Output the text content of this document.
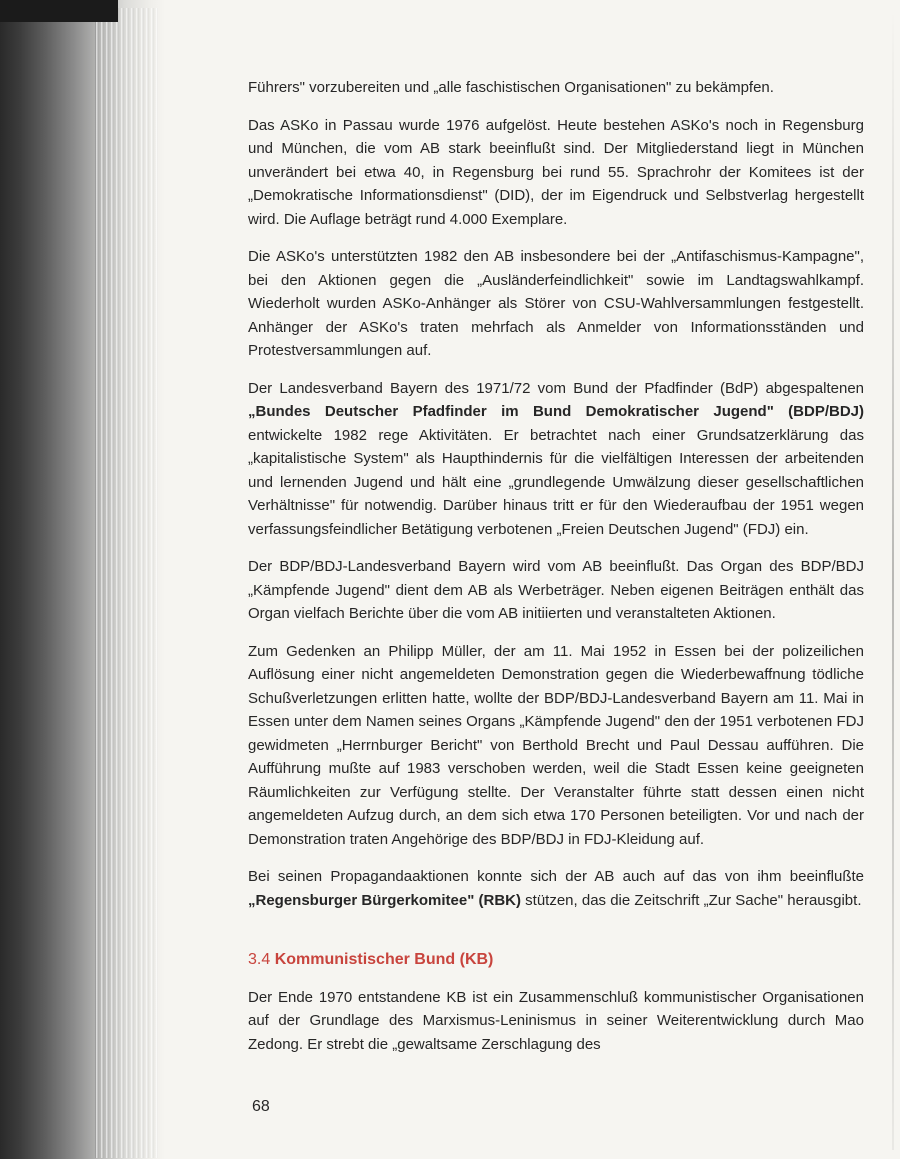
Führers" vorzubereiten und „alle faschistischen Organisationen" zu bekämpfen.

Das ASKo in Passau wurde 1976 aufgelöst. Heute bestehen ASKo's noch in Regensburg und München, die vom AB stark beeinflußt sind. Der Mitgliederstand liegt in München unverändert bei etwa 40, in Regensburg bei rund 55. Sprachrohr der Komitees ist der „Demokratische Informationsdienst" (DID), der im Eigendruck und Selbstverlag hergestellt wird. Die Auflage beträgt rund 4.000 Exemplare.

Die ASKo's unterstützten 1982 den AB insbesondere bei der „Antifaschismus-Kampagne", bei den Aktionen gegen die „Ausländerfeindlichkeit" sowie im Landtagswahlkampf. Wiederholt wurden ASKo-Anhänger als Störer von CSU-Wahlversammlungen festgestellt. Anhänger der ASKo's traten mehrfach als Anmelder von Informationsständen und Protestversammlungen auf.

Der Landesverband Bayern des 1971/72 vom Bund der Pfadfinder (BdP) abgespaltenen „Bundes Deutscher Pfadfinder im Bund Demokratischer Jugend" (BDP/BDJ) entwickelte 1982 rege Aktivitäten. Er betrachtet nach einer Grundsatzerklärung das „kapitalistische System" als Haupthindernis für die vielfältigen Interessen der arbeitenden und lernenden Jugend und hält eine „grundlegende Umwälzung dieser gesellschaftlichen Verhältnisse" für notwendig. Darüber hinaus tritt er für den Wiederaufbau der 1951 wegen verfassungsfeindlicher Betätigung verbotenen „Freien Deutschen Jugend" (FDJ) ein.

Der BDP/BDJ-Landesverband Bayern wird vom AB beeinflußt. Das Organ des BDP/BDJ „Kämpfende Jugend" dient dem AB als Werbeträger. Neben eigenen Beiträgen enthält das Organ vielfach Berichte über die vom AB initiierten und veranstalteten Aktionen.

Zum Gedenken an Philipp Müller, der am 11. Mai 1952 in Essen bei der polizeilichen Auflösung einer nicht angemeldeten Demonstration gegen die Wiederbewaffnung tödliche Schußverletzungen erlitten hatte, wollte der BDP/BDJ-Landesverband Bayern am 11. Mai in Essen unter dem Namen seines Organs „Kämpfende Jugend" den der 1951 verbotenen FDJ gewidmeten „Herrnburger Bericht" von Berthold Brecht und Paul Dessau aufführen. Die Aufführung mußte auf 1983 verschoben werden, weil die Stadt Essen keine geeigneten Räumlichkeiten zur Verfügung stellte. Der Veranstalter führte statt dessen einen nicht angemeldeten Aufzug durch, an dem sich etwa 170 Personen beteiligten. Vor und nach der Demonstration traten Angehörige des BDP/BDJ in FDJ-Kleidung auf.

Bei seinen Propagandaaktionen konnte sich der AB auch auf das von ihm beeinflußte „Regensburger Bürgerkomitee" (RBK) stützen, das die Zeitschrift „Zur Sache" herausgibt.

3.4 Kommunistischer Bund (KB)

Der Ende 1970 entstandene KB ist ein Zusammenschluß kommunistischer Organisationen auf der Grundlage des Marxismus-Leninismus in seiner Weiterentwicklung durch Mao Zedong. Er strebt die „gewaltsame Zerschlagung des

68
